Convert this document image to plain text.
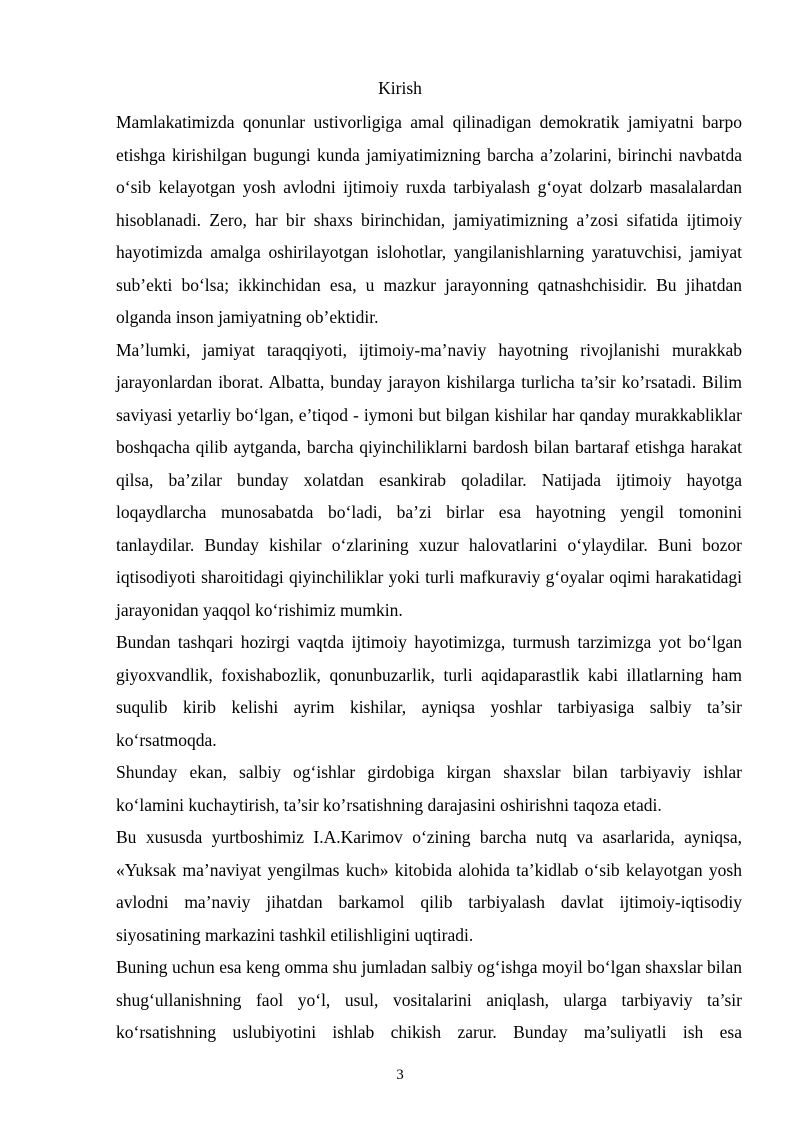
Kirish

Mamlakatimizda qonunlar ustivorligiga amal qilinadigan demokratik jamiyatni barpo etishga kirishilgan bugungi kunda jamiyatimizning barcha a’zolarini, birinchi navbatda o‘sib kelayotgan yosh avlodni ijtimoiy ruxda tarbiyalash g‘oyat dolzarb masalalardan hisoblanadi. Zero, har bir shaxs birinchidan, jamiyatimizning a’zosi sifatida ijtimoiy hayotimizda amalga oshirilayotgan islohotlar, yangilanishlarning yaratuvchisi, jamiyat sub’ekti bo‘lsa; ikkinchidan esa, u mazkur jarayonning qatnashchisidir. Bu jihatdan olganda inson jamiyatning ob’ektidir.

Ma’lumki, jamiyat taraqqiyoti, ijtimoiy-ma’naviy hayotning rivojlanishi murakkab jarayonlardan iborat. Albatta, bunday jarayon kishilarga turlicha ta’sir ko’rsatadi. Bilim saviyasi yetarliy bo‘lgan, e’tiqod - iymoni but bilgan kishilar har qanday murakkabliklar boshqacha qilib aytganda, barcha qiyinchiliklarni bardosh bilan bartaraf etishga harakat qilsa, ba’zilar bunday xolatdan esankirab qoladilar. Natijada ijtimoiy hayotga loqaydlarcha munosabatda bo‘ladi, ba’zi birlar esa hayotning yengil tomonini tanlaydilar. Bunday kishilar o‘zlarining xuzur halovatlarini o‘ylaydilar. Buni bozor iqtisodiyoti sharoitidagi qiyinchiliklar yoki turli mafkuraviy g‘oyalar oqimi harakatidagi jarayonidan yaqqol ko‘rishimiz mumkin.

Bundan tashqari hozirgi vaqtda ijtimoiy hayotimizga, turmush tarzimizga yot bo‘lgan giyoxvandlik, foxishabozlik, qonunbuzarlik, turli aqidaparastlik kabi illatlarning ham suqulib kirib kelishi ayrim kishilar, ayniqsa yoshlar tarbiyasiga salbiy ta’sir ko‘rsatmoqda.

Shunday ekan, salbiy og‘ishlar girdobiga kirgan shaxslar bilan tarbiyaviy ishlar ko‘lamini kuchaytirish, ta’sir ko’rsatishning darajasini oshirishni taqoza etadi.

Bu xususda yurtboshimiz I.A.Karimov o‘zining barcha nutq va asarlarida, ayniqsa, «Yuksak ma’naviyat yengilmas kuch» kitobida alohida ta’kidlab o‘sib kelayotgan yosh avlodni ma’naviy jihatdan barkamol qilib tarbiyalash davlat ijtimoiy-iqtisodiy siyosatining markazini tashkil etilishligini uqtiradi.

Buning uchun esa keng omma shu jumladan salbiy og‘ishga moyil bo‘lgan shaxslar bilan shug‘ullanishning faol yo‘l, usul, vositalarini aniqlash, ularga tarbiyaviy ta’sir ko‘rsatishning uslubiyotini ishlab chikish zarur. Bunday ma’suliyatli ish esa

3
